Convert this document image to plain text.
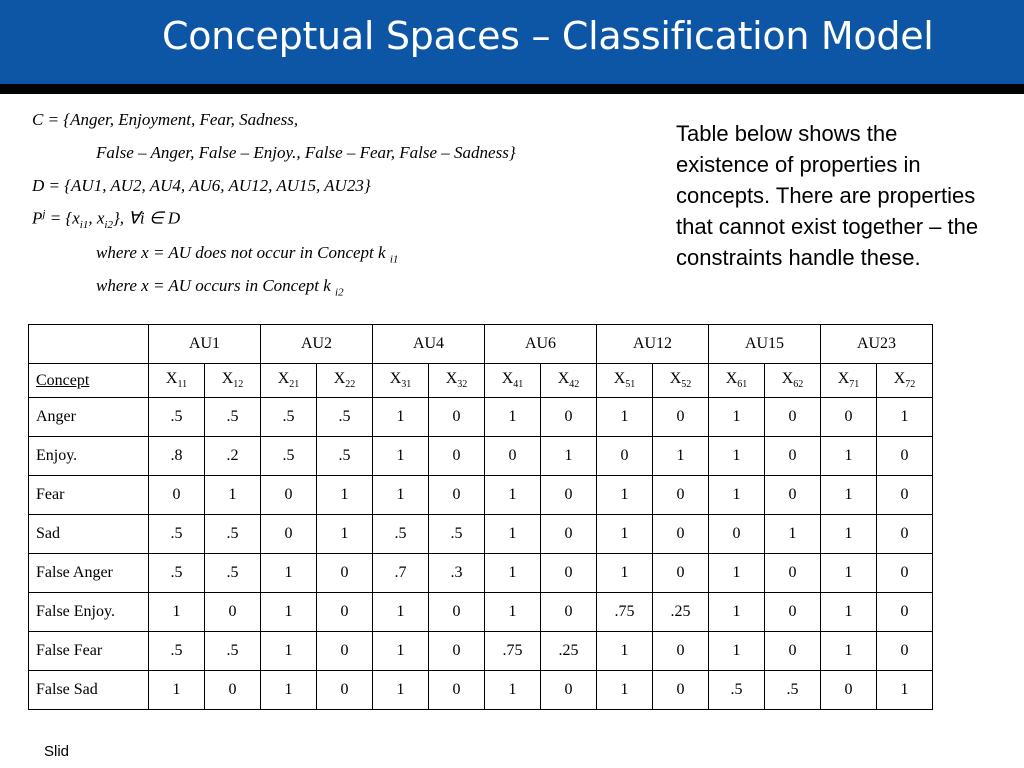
Conceptual Spaces – Classification Model
C = {Anger, Enjoyment, Fear, Sadness,
False – Anger, False – Enjoy., False – Fear, False – Sadness}
D = {AU1, AU2, AU4, AU6, AU12, AU15, AU23}
$P^j = \{x_{i1}$, $x_{i2}$}, ∀i ∈ D
where x = AU does not occur in Concept k $_{i1}$
where x = AU occurs in Concept k $_{i2}$
Table below shows the existence of properties in concepts. There are properties that cannot exist together – the constraints handle these.
	AU1		AU2		AU4		AU6		AU12		AU15		AU23	
Concept	$X_{11}$	$X_{12}$	$X_{21}$	$X_{22}$	$X_{31}$	$X_{32}$	$X_{41}$	$X_{42}$	$X_{51}$	$X_{52}$	$X_{61}$	$X_{62}$	$X_{71}$	$X_{72}$
Anger	.5	.5	.5	.5	1	0	1	0	1	0	1	0	0	1
Enjoy.	.8	.2	.5	.5	1	0	0	1	0	1	1	0	1	0
Fear	0	1	0	1	1	0	1	0	1	0	1	0	1	0
Sad	.5	.5	0	1	.5	.5	1	0	1	0	0	1	1	0
False Anger	.5	.5	1	0	.7	.3	1	0	1	0	1	0	1	0
False Enjoy.	1	0	1	0	1	0	1	0	.75	.25	1	0	1	0
False Fear	.5	.5	1	0	1	0	.75	.25	1	0	1	0	1	0
False Sad	1	0	1	0	1	0	1	0	1	0	.5	.5	0	1
Slid
